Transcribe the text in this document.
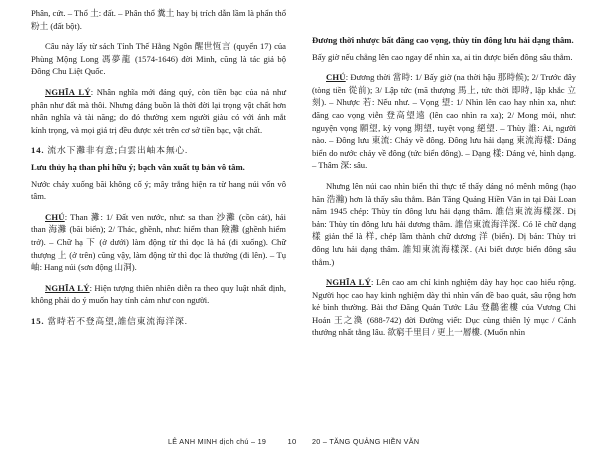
Phân, cứt. – Thổ 土: đất. – Phân thổ 糞土 hay bị trích dẫn lầm là phẩn thổ 粉土 (đất bột).

Câu này lấy từ sách Tỉnh Thế Hằng Ngôn 醒世恆言 (quyển 17) của Phùng Mộng Long 馮夢龍 (1574-1646) đời Minh, cũng là tác giả bộ Đông Chu Liệt Quốc.

NGHĨA LÝ: Nhân nghĩa mới đáng quý, còn tiền bạc của nả như phân như đất mà thôi. Nhưng đáng buồn là thời đời lại trọng vật chất hơn nhân nghĩa và tài năng; do đó thường xem người giàu có với ánh mắt kính trọng, và mọi giá trị đều được xét trên cơ sở tiền bạc, vật chất.

14. 流水下灘非有意;白雲出岫本無心.

Lưu thủy hạ than phi hữu ý; bạch vân xuất tụ bản vô tâm.

Nước chảy xuống bãi không cố ý; mây trắng hiện ra từ hang núi vốn vô tâm.

CHÚ: Than 灘: 1/ Đất ven nước, như: sa than 沙灘 (cồn cát), hải than 海灘 (bãi biển); 2/ Thác, ghềnh, như: hiểm than 險灘 (ghềnh hiểm trở). – Chữ hạ 下 (ở dưới) làm động từ thì đọc là há (đi xuống). Chữ thượng 上 (ở trên) cũng vậy, làm động từ thì đọc là thưởng (đi lên). – Tụ 岫: Hang núi (sơn động 山洞).

NGHĨA LÝ: Hiện tượng thiên nhiên diễn ra theo quy luật nhất định, không phải do ý muốn hay tính cảm như con người.

15. 當時若不登高望,誰信東流海洋深.

Đương thời nhược bất đăng cao vọng, thùy tín đông lưu hải dạng thâm.

Bấy giờ nếu chẳng lên cao ngay để nhìn xa, ai tin được biển đông sâu thẳm.

CHÚ: Đương thời 當時: 1/ Bấy giờ (na thời hậu 那時候); 2/ Trước đây (tòng tiền 從前); 3/ Lập tức (mã thượng 馬上, tức thời 即時, lập khắc 立刻). – Nhược 若: Nếu như. – Vọng 望: 1/ Nhìn lên cao hay nhìn xa, như: đăng cao vọng viễn 登高望遠 (lên cao nhìn ra xa); 2/ Mong mỏi, như: nguyện vọng 願望, kỳ vọng 期望, tuyệt vọng 絕望. – Thùy 誰: Ai, người nào. – Đông lưu 東流: Chảy về đông. Đông lưu hải dạng 東流海樣: Dáng biển do nước chảy về đông (tức biển đông). – Dạng 樣: Dáng vẻ, hình dạng. – Thâm 深: sâu.

Nhưng lên núi cao nhìn biển thì thực tế thấy dáng nó mênh mông (hạo hãn 浩瀚) hơn là thấy sâu thẳm. Bản Tăng Quảng Hiền Văn in tại Đài Loan năm 1945 chép: Thùy tín đông lưu hải dạng thâm. 誰信東流海樣深. Dị bản: Thùy tín đông lưu hải dương thâm. 誰信東流海洋深. Có lẽ chữ dạng 樣 giản thể là 样, chép lầm thành chữ dương 洋 (biển). Dị bản: Thùy tri đông lưu hải dạng thâm. 誰知東流海樣深. (Ai biết được biển đông sâu thẳm.)

NGHĨA LÝ: Lên cao am chỉ kinh nghiệm dày hay học cao hiểu rộng. Người học cao hay kinh nghiệm dày thì nhìn vấn đề bao quát, sâu rộng hơn kẻ bình thường. Bài thơ Đăng Quán Tước Lâu 登鸛雀樓 của Vương Chi Hoán 王之渙 (688-742) đời Đường viết: Dục cùng thiên lý mục / Cánh thướng nhất tằng lâu. 欲窮千里目 / 更上一層樓. (Muốn nhìn

LÊ ANH MINH dịch chú – 19	10	20 – TĂNG QUẢNG HIỀN VĂN
